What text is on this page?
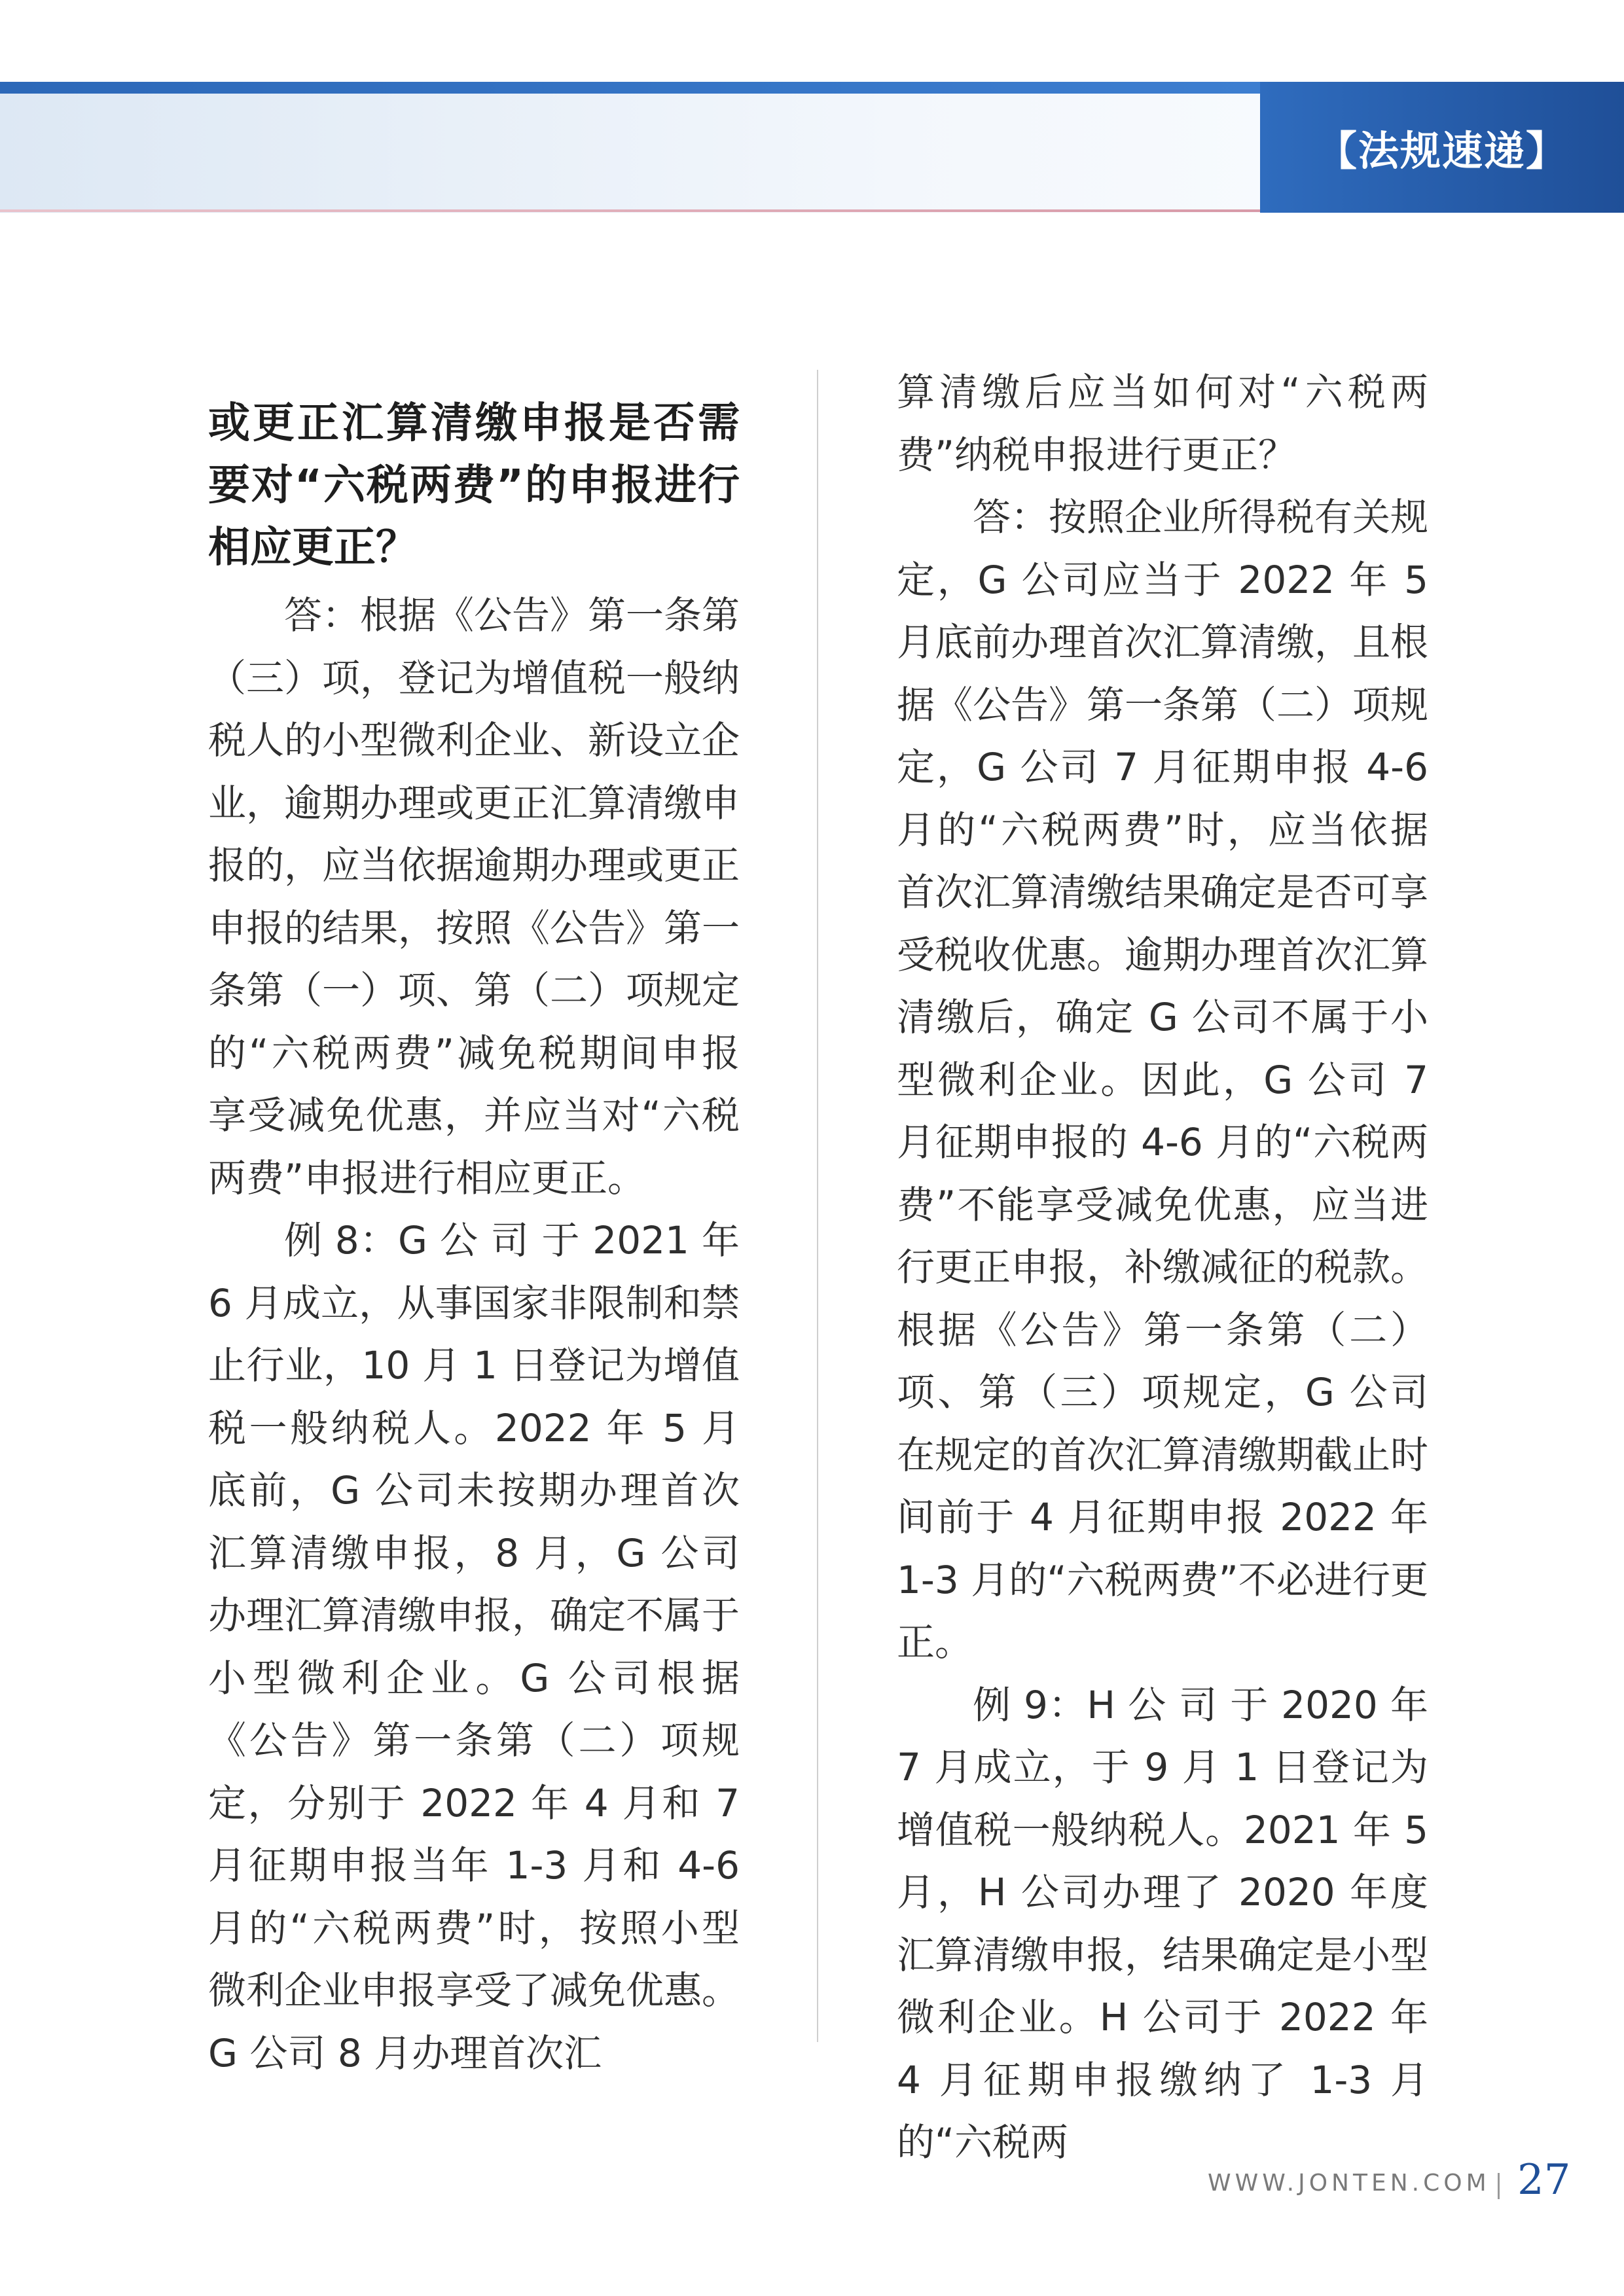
【法规速递】
或更正汇算清缴申报是否需要对“六税两费”的申报进行相应更正？

答：根据《公告》第一条第（三）项，登记为增值税一般纳税人的小型微利企业、新设立企业，逾期办理或更正汇算清缴申报的，应当依据逾期办理或更正申报的结果，按照《公告》第一条第（一）项、第（二）项规定的“六税两费”减免税期间申报享受减免优惠，并应当对“六税两费”申报进行相应更正。

例 8：G 公 司 于 2021 年 6 月成立，从事国家非限制和禁止行业，10 月 1 日登记为增值税一般纳税人。2022 年 5 月底前，G 公司未按期办理首次汇算清缴申报，8 月，G 公司办理汇算清缴申报，确定不属于小型微利企业。G 公司根据《公告》第一条第（二）项规定，分别于 2022 年 4 月和 7 月征期申报当年 1-3 月和 4-6 月的“六税两费”时，按照小型微利企业申报享受了减免优惠。G 公司 8 月办理首次汇

算清缴后应当如何对“六税两费”纳税申报进行更正？

答：按照企业所得税有关规定，G 公司应当于 2022 年 5 月底前办理首次汇算清缴，且根据《公告》第一条第（二）项规定，G 公司 7 月征期申报 4-6 月的“六税两费”时，应当依据首次汇算清缴结果确定是否可享受税收优惠。逾期办理首次汇算清缴后，确定 G 公司不属于小型微利企业。因此，G 公司 7 月征期申报的 4-6 月的“六税两费”不能享受减免优惠，应当进行更正申报，补缴减征的税款。根据《公告》第一条第（二）项、第（三）项规定，G 公司在规定的首次汇算清缴期截止时间前于 4 月征期申报 2022 年 1-3 月的“六税两费”不必进行更正。

例 9：H 公 司 于 2020 年 7 月成立，于 9 月 1 日登记为增值税一般纳税人。2021 年 5 月，H 公司办理了 2020 年度汇算清缴申报，结果确定是小型微利企业。H 公司于 2022 年 4 月征期申报缴纳了 1-3 月的“六税两

WWW.JONTEN.COM 27
